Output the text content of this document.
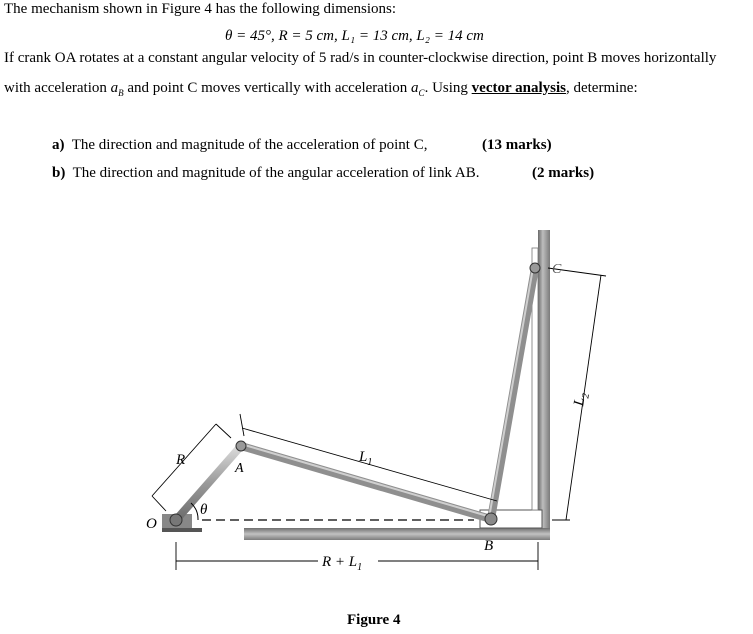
The mechanism shown in Figure 4 has the following dimensions:
θ = 45°, R = 5 cm, L₁ = 13 cm, L₂ = 14 cm
If crank OA rotates at a constant angular velocity of 5 rad/s in counter-clockwise direction, point B moves horizontally
with acceleration $a_B$ and point C moves vertically with acceleration $a_C$. Using vector analysis, determine:
a) The direction and magnitude of the acceleration of point C,	(13 marks)
b) The direction and magnitude of the angular acceleration of link AB.	(2 marks)
O
R
θ
A
$L_1$
B
C
$L_2$
$R + L_1$
Figure 4
